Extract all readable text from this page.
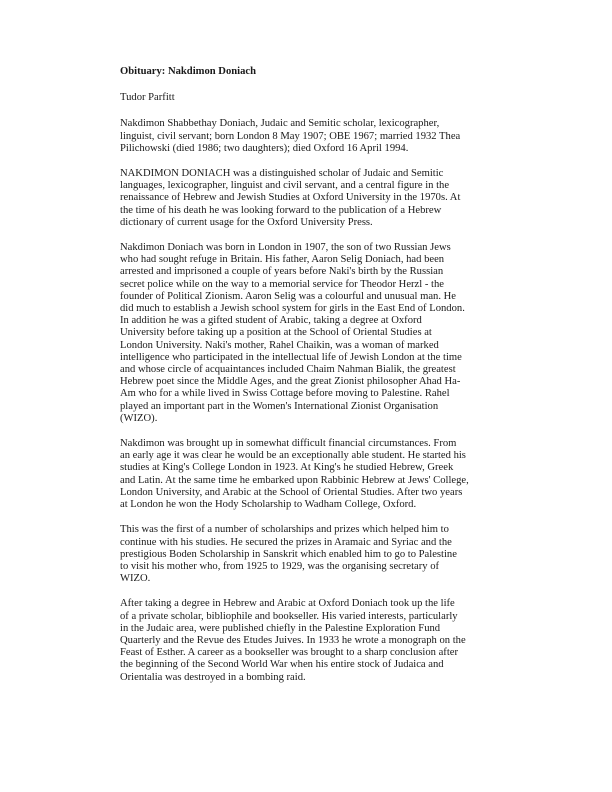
Obituary: Nakdimon Doniach
Tudor Parfitt
Nakdimon Shabbethay Doniach, Judaic and Semitic scholar, lexicographer,
linguist, civil servant; born London 8 May 1907; OBE 1967; married 1932 Thea
Pilichowski (died 1986; two daughters); died Oxford 16 April 1994.
NAKDIMON DONIACH was a distinguished scholar of Judaic and Semitic
languages, lexicographer, linguist and civil servant, and a central figure in the
renaissance of Hebrew and Jewish Studies at Oxford University in the 1970s. At
the time of his death he was looking forward to the publication of a Hebrew
dictionary of current usage for the Oxford University Press.
Nakdimon Doniach was born in London in 1907, the son of two Russian Jews
who had sought refuge in Britain. His father, Aaron Selig Doniach, had been
arrested and imprisoned a couple of years before Naki's birth by the Russian
secret police while on the way to a memorial service for Theodor Herzl - the
founder of Political Zionism. Aaron Selig was a colourful and unusual man. He
did much to establish a Jewish school system for girls in the East End of London.
In addition he was a gifted student of Arabic, taking a degree at Oxford
University before taking up a position at the School of Oriental Studies at
London University. Naki's mother, Rahel Chaikin, was a woman of marked
intelligence who participated in the intellectual life of Jewish London at the time
and whose circle of acquaintances included Chaim Nahman Bialik, the greatest
Hebrew poet since the Middle Ages, and the great Zionist philosopher Ahad Ha-
Am who for a while lived in Swiss Cottage before moving to Palestine. Rahel
played an important part in the Women's International Zionist Organisation
(WIZO).
Nakdimon was brought up in somewhat difficult financial circumstances. From
an early age it was clear he would be an exceptionally able student. He started his
studies at King's College London in 1923. At King's he studied Hebrew, Greek
and Latin. At the same time he embarked upon Rabbinic Hebrew at Jews' College,
London University, and Arabic at the School of Oriental Studies. After two years
at London he won the Hody Scholarship to Wadham College, Oxford.
This was the first of a number of scholarships and prizes which helped him to
continue with his studies. He secured the prizes in Aramaic and Syriac and the
prestigious Boden Scholarship in Sanskrit which enabled him to go to Palestine
to visit his mother who, from 1925 to 1929, was the organising secretary of
WIZO.
After taking a degree in Hebrew and Arabic at Oxford Doniach took up the life
of a private scholar, bibliophile and bookseller. His varied interests, particularly
in the Judaic area, were published chiefly in the Palestine Exploration Fund
Quarterly and the Revue des Etudes Juives. In 1933 he wrote a monograph on the
Feast of Esther. A career as a bookseller was brought to a sharp conclusion after
the beginning of the Second World War when his entire stock of Judaica and
Orientalia was destroyed in a bombing raid.
